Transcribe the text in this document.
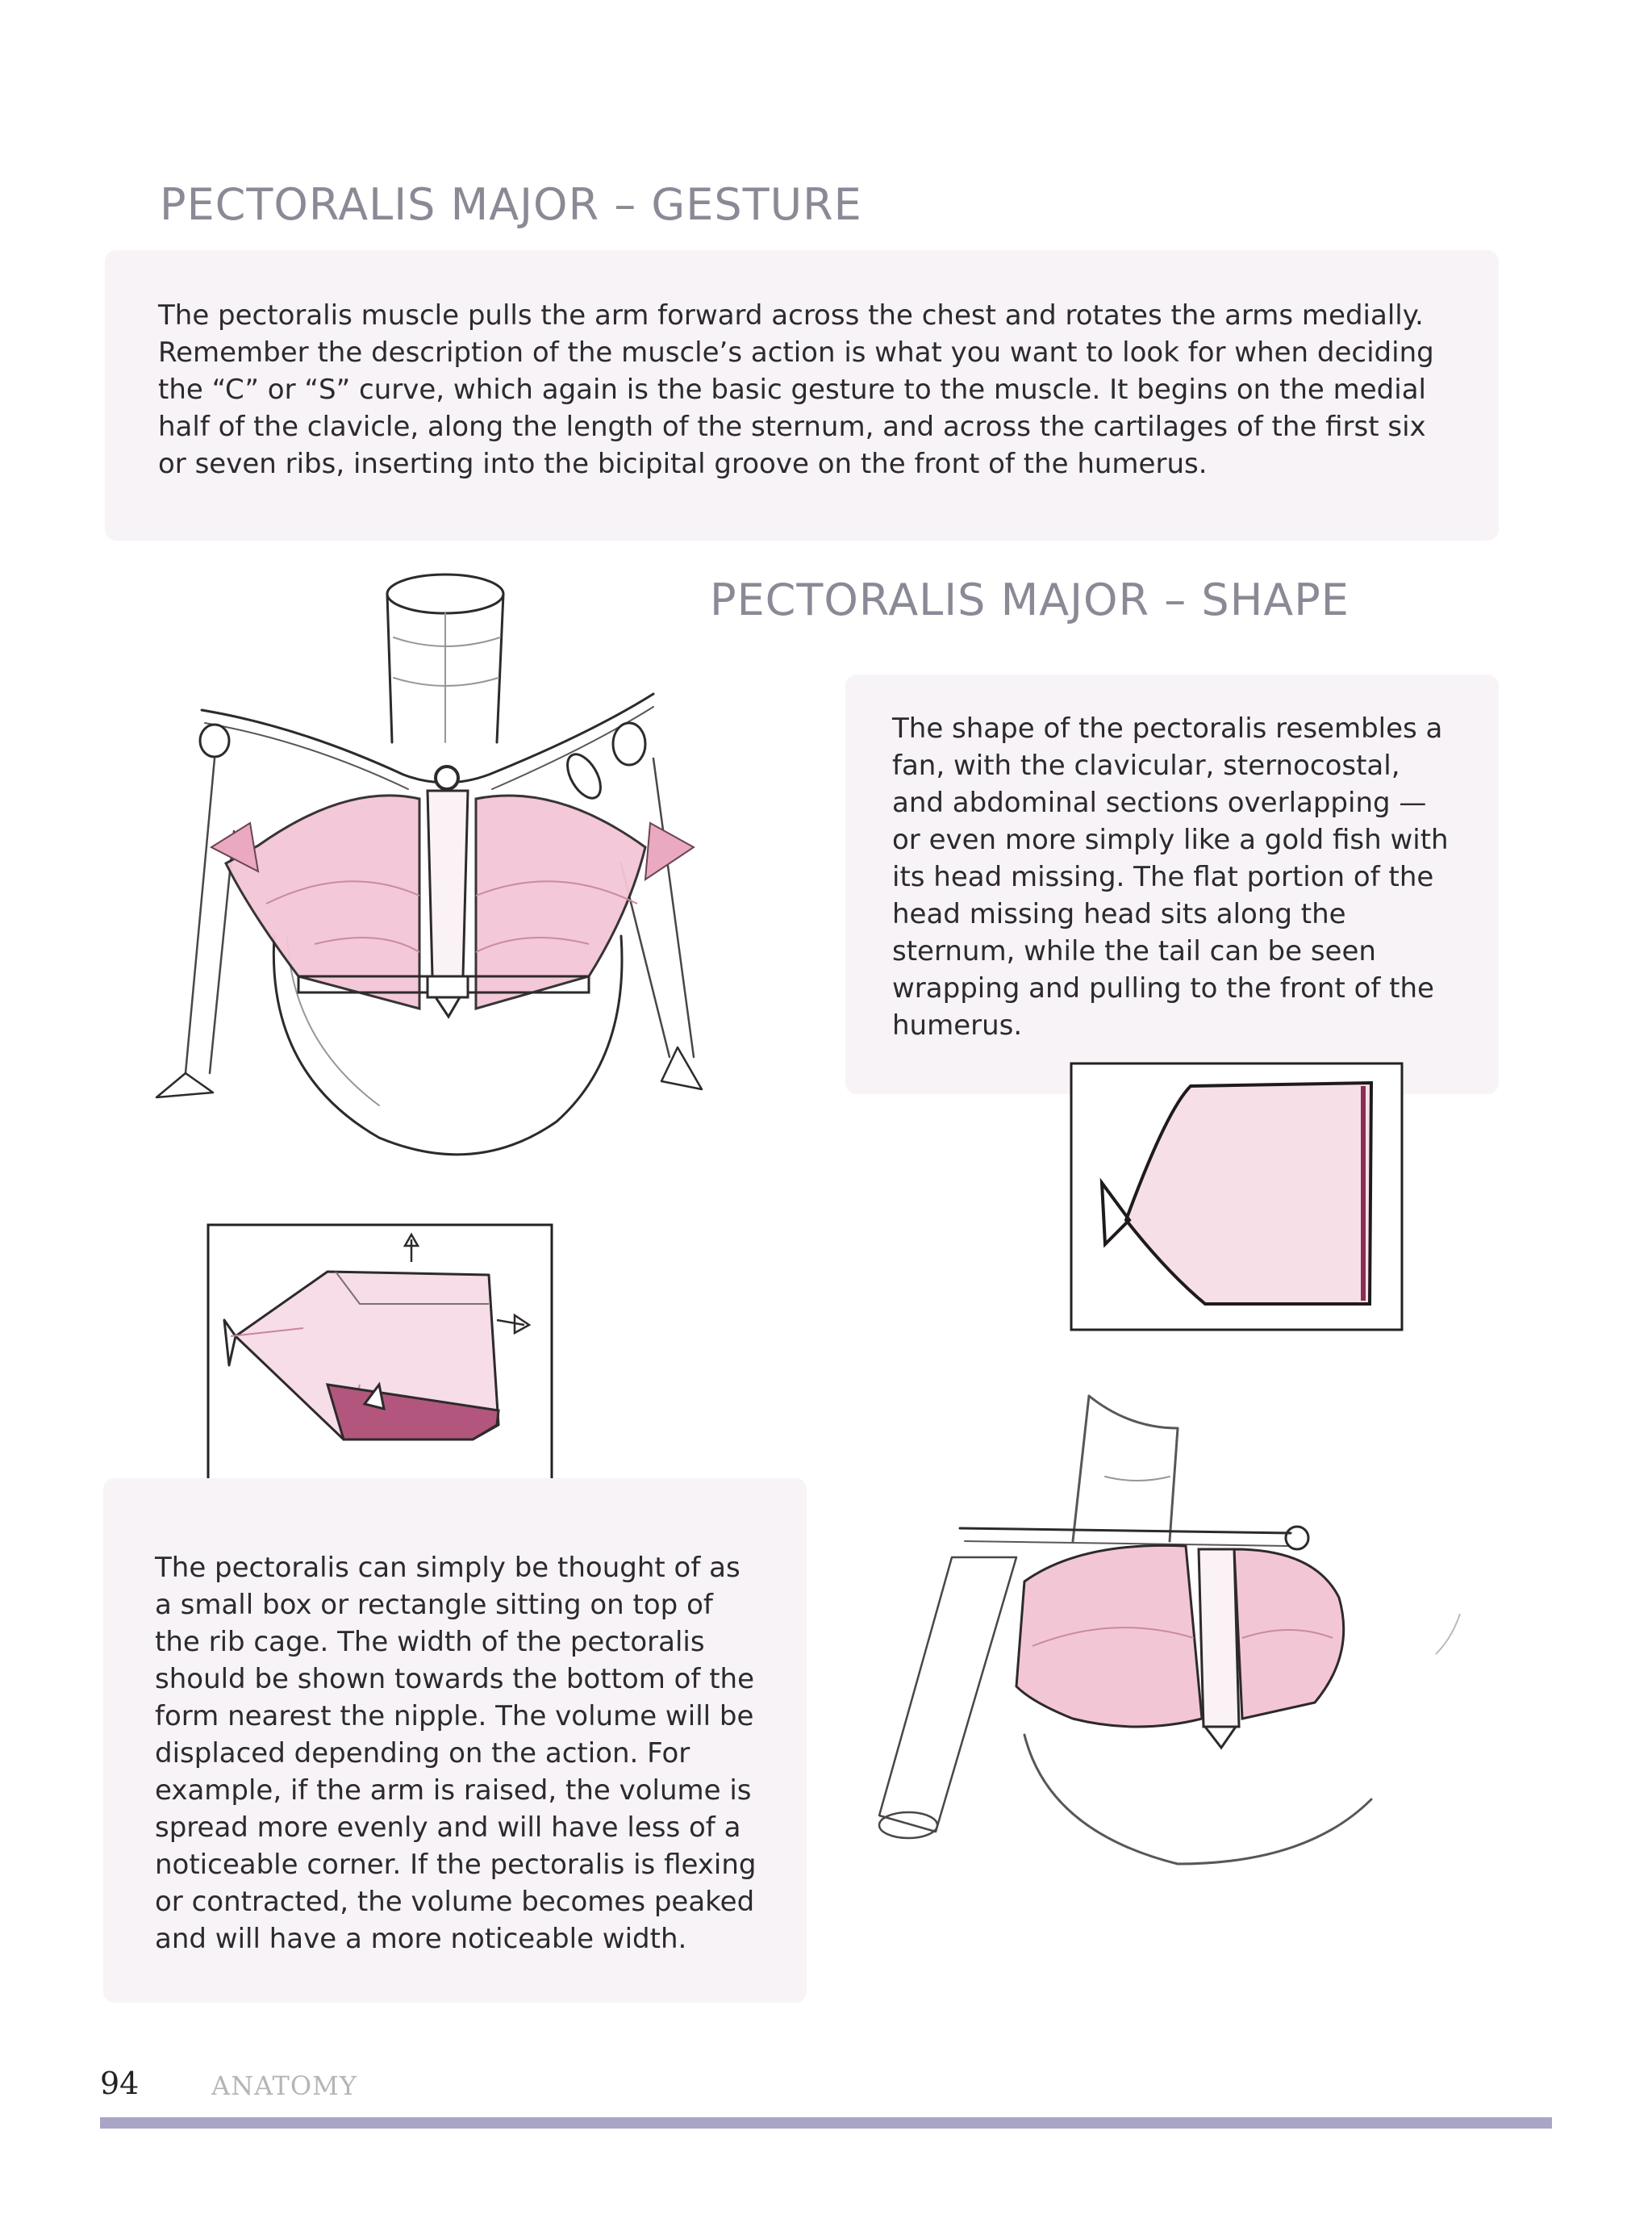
PECTORALIS MAJOR – GESTURE

The pectoralis muscle pulls the arm forward across the chest and rotates the arms medially. Remember the description of the muscle’s action is what you want to look for when deciding the “C” or “S” curve, which again is the basic gesture to the muscle. It begins on the medial half of the clavicle, along the length of the sternum, and across the cartilages of the first six or seven ribs, inserting into the bicipital groove on the front of the humerus.

PECTORALIS MAJOR – SHAPE

The shape of the pectoralis resembles a fan, with the clavicular, sternocostal, and abdominal sections overlapping — or even more simply like a gold fish with its head missing. The flat portion of the head missing head sits along the sternum, while the tail can be seen wrapping and pulling to the front of the humerus.

The pectoralis can simply be thought of as a small box or rectangle sitting on top of the rib cage. The width of the pectoralis should be shown towards the bottom of the form nearest the nipple. The volume will be displaced depending on the action. For example, if the arm is raised, the volume is spread more evenly and will have less of a noticeable corner. If the pectoralis is flexing or contracted, the volume becomes peaked and will have a more noticeable width.

94	ANATOMY
